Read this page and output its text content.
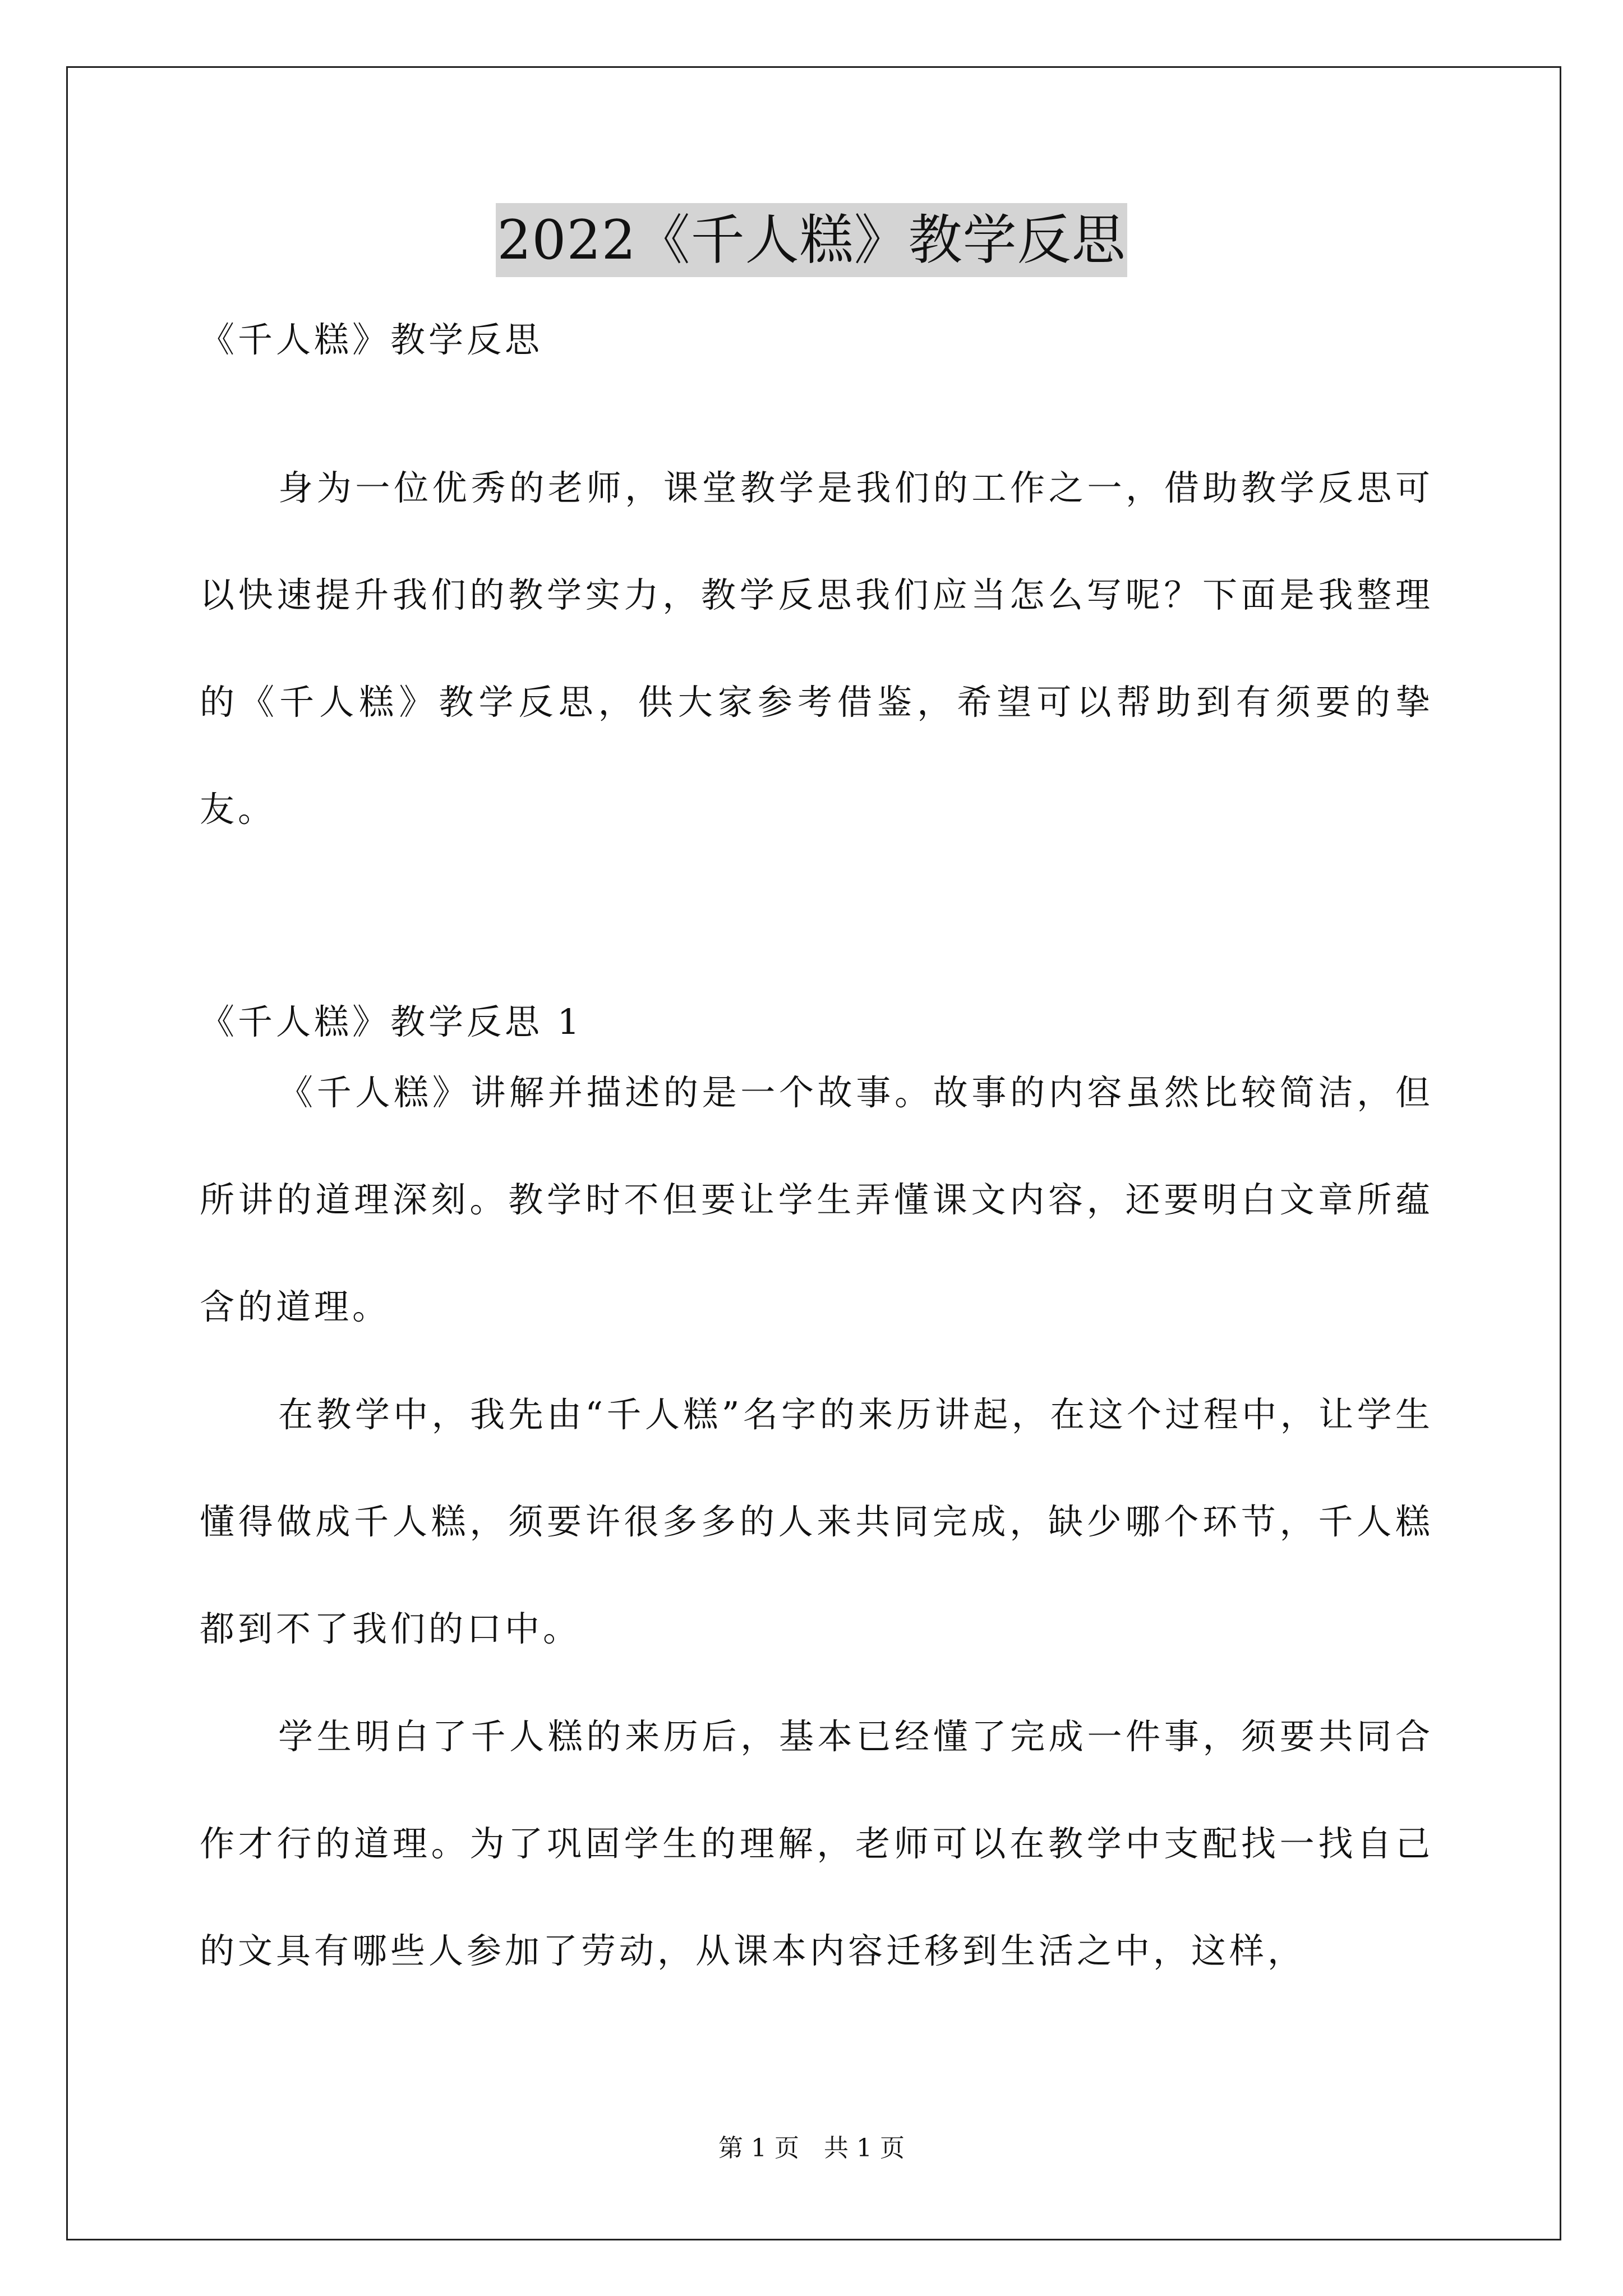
2022《千人糕》教学反思

《千人糕》教学反思

身为一位优秀的老师，课堂教学是我们的工作之一，借助教学反思可以快速提升我们的教学实力，教学反思我们应当怎么写呢？下面是我整理的《千人糕》教学反思，供大家参考借鉴，希望可以帮助到有须要的挚友。

《千人糕》教学反思 1

《千人糕》讲解并描述的是一个故事。故事的内容虽然比较简洁，但所讲的道理深刻。教学时不但要让学生弄懂课文内容，还要明白文章所蕴含的道理。

在教学中，我先由“千人糕”名字的来历讲起，在这个过程中，让学生懂得做成千人糕，须要许很多多的人来共同完成，缺少哪个环节，千人糕都到不了我们的口中。

学生明白了千人糕的来历后，基本已经懂了完成一件事，须要共同合作才行的道理。为了巩固学生的理解，老师可以在教学中支配找一找自己的文具有哪些人参加了劳动，从课本内容迁移到生活之中，这样，

第 1 页　共 1 页
